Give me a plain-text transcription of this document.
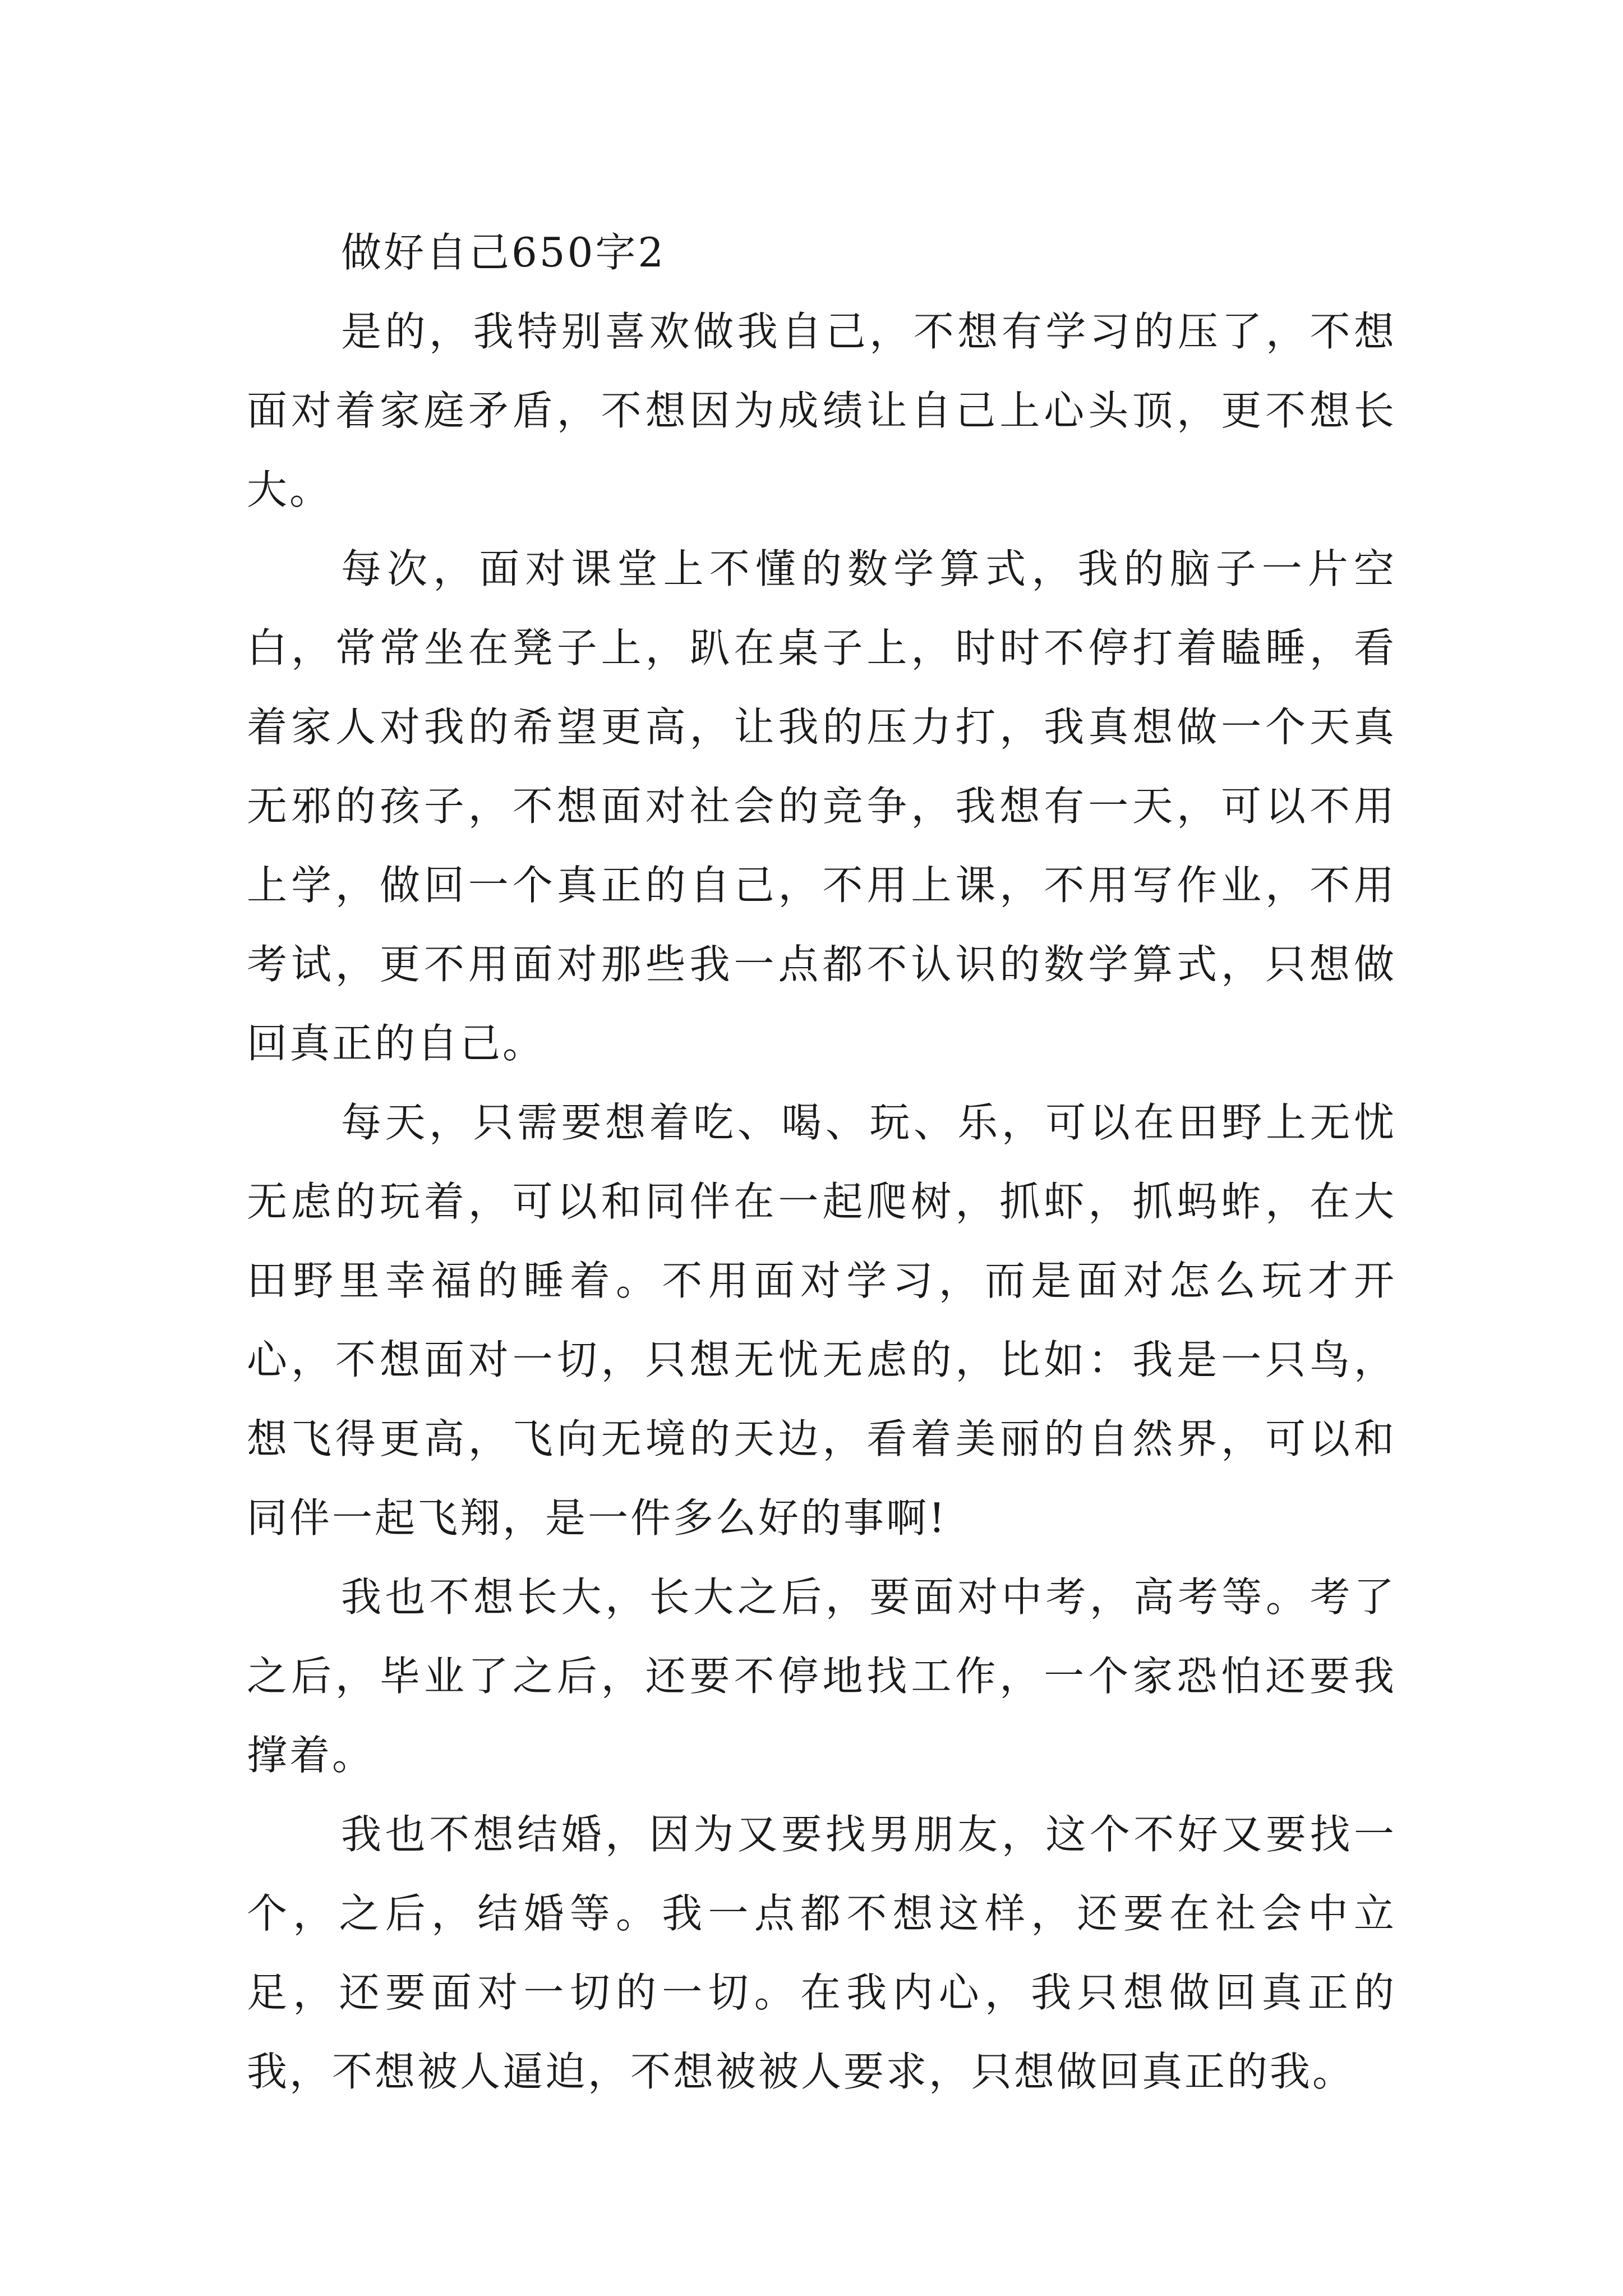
做好自己650字2

是的，我特别喜欢做我自己，不想有学习的压了，不想面对着家庭矛盾，不想因为成绩让自己上心头顶，更不想长大。

每次，面对课堂上不懂的数学算式，我的脑子一片空白，常常坐在凳子上，趴在桌子上，时时不停打着瞌睡，看着家人对我的希望更高，让我的压力打，我真想做一个天真无邪的孩子，不想面对社会的竞争，我想有一天，可以不用上学，做回一个真正的自己，不用上课，不用写作业，不用考试，更不用面对那些我一点都不认识的数学算式，只想做回真正的自己。

每天，只需要想着吃、喝、玩、乐，可以在田野上无忧无虑的玩着，可以和同伴在一起爬树，抓虾，抓蚂蚱，在大田野里幸福的睡着。不用面对学习，而是面对怎么玩才开心，不想面对一切，只想无忧无虑的，比如：我是一只鸟，想飞得更高，飞向无境的天边，看着美丽的自然界，可以和同伴一起飞翔，是一件多么好的事啊!

我也不想长大，长大之后，要面对中考，高考等。考了之后，毕业了之后，还要不停地找工作，一个家恐怕还要我撑着。

我也不想结婚，因为又要找男朋友，这个不好又要找一个，之后，结婚等。我一点都不想这样，还要在社会中立足，还要面对一切的一切。在我内心，我只想做回真正的我，不想被人逼迫，不想被被人要求，只想做回真正的我。
